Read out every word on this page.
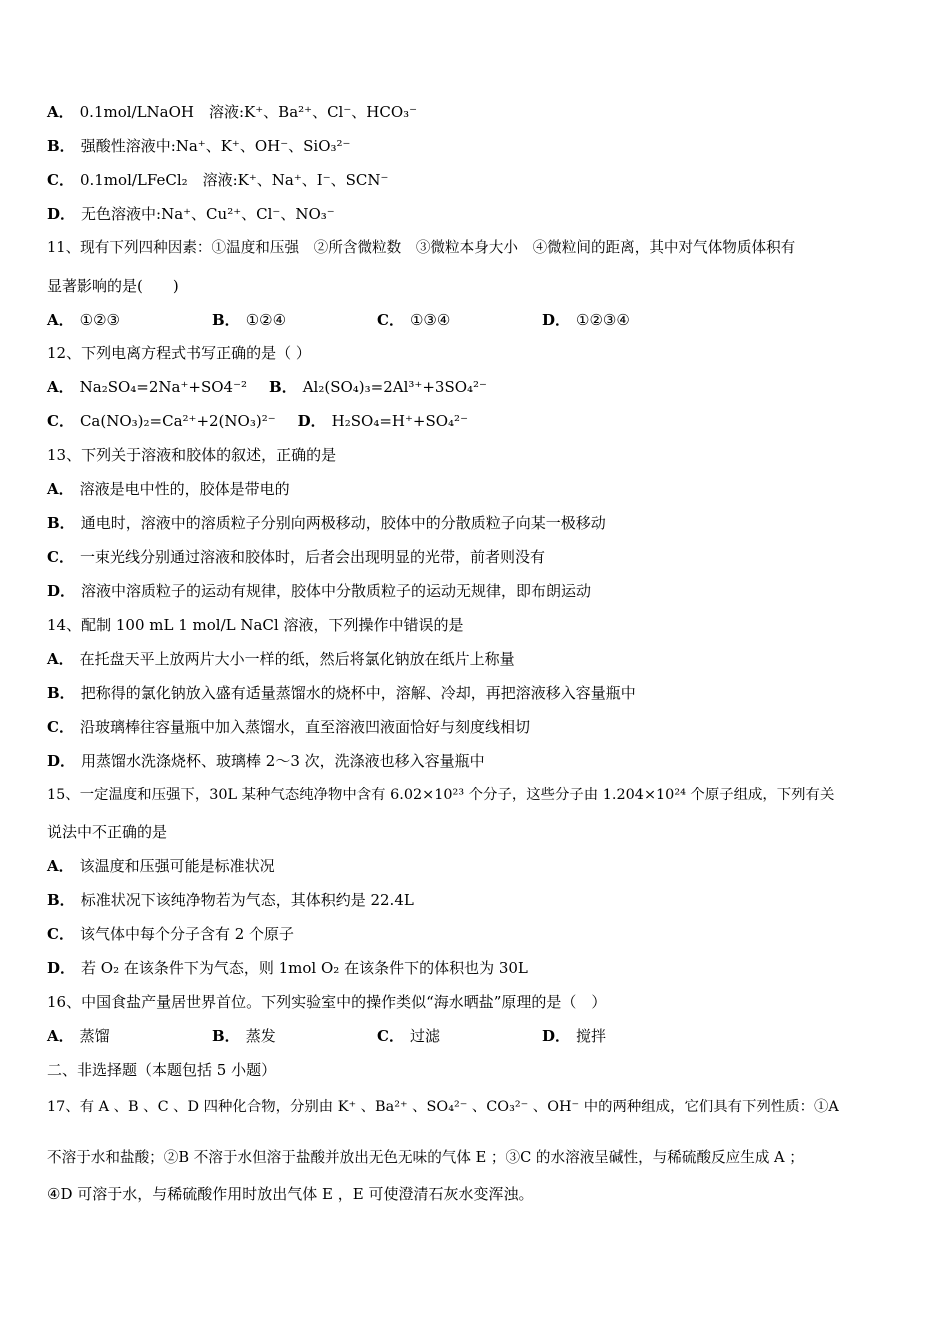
A． 0.1mol/LNaOH　溶液:K⁺、Ba²⁺、Cl⁻、HCO₃⁻
B． 强酸性溶液中:Na⁺、K⁺、OH⁻、SiO₃²⁻
C． 0.1mol/LFeCl₂　溶液:K⁺、Na⁺、I⁻、SCN⁻
D． 无色溶液中:Na⁺、Cu²⁺、Cl⁻、NO₃⁻
11、现有下列四种因素：①温度和压强　②所含微粒数　③微粒本身大小　④微粒间的距离，其中对气体物质体积有
显著影响的是(　　)
A． ①②③	B． ①②④	C． ①③④	D． ①②③④
12、下列电离方程式书写正确的是（ ）
A． Na₂SO₄=2Na⁺+SO4⁻² B． Al₂(SO₄)₃=2Al³⁺+3SO₄²⁻
C． Ca(NO₃)₂=Ca²⁺+2(NO₃)²⁻ D． H₂SO₄=H⁺+SO₄²⁻
13、下列关于溶液和胶体的叙述，正确的是
A． 溶液是电中性的，胶体是带电的
B． 通电时，溶液中的溶质粒子分别向两极移动，胶体中的分散质粒子向某一极移动
C． 一束光线分别通过溶液和胶体时，后者会出现明显的光带，前者则没有
D． 溶液中溶质粒子的运动有规律，胶体中分散质粒子的运动无规律，即布朗运动
14、配制 100 mL 1 mol/L NaCl 溶液，下列操作中错误的是
A． 在托盘天平上放两片大小一样的纸，然后将氯化钠放在纸片上称量
B． 把称得的氯化钠放入盛有适量蒸馏水的烧杯中，溶解、冷却，再把溶液移入容量瓶中
C． 沿玻璃棒往容量瓶中加入蒸馏水，直至溶液凹液面恰好与刻度线相切
D． 用蒸馏水洗涤烧杯、玻璃棒 2～3 次，洗涤液也移入容量瓶中
15、一定温度和压强下，30L 某种气态纯净物中含有 6.02×10²³ 个分子，这些分子由 1.204×10²⁴ 个原子组成，下列有关
说法中不正确的是
A． 该温度和压强可能是标准状况
B． 标准状况下该纯净物若为气态，其体积约是 22.4L
C． 该气体中每个分子含有 2 个原子
D． 若 O₂ 在该条件下为气态，则 1mol O₂ 在该条件下的体积也为 30L
16、中国食盐产量居世界首位。下列实验室中的操作类似“海水晒盐”原理的是（　）
A． 蒸馏	B． 蒸发	C． 过滤	D． 搅拌
二、非选择题（本题包括 5 小题）
17、有 A 、B 、C 、D 四种化合物，分别由 K⁺ 、Ba²⁺ 、SO₄²⁻ 、CO₃²⁻ 、OH⁻ 中的两种组成，它们具有下列性质：①A
不溶于水和盐酸；②B 不溶于水但溶于盐酸并放出无色无味的气体 E ；③C 的水溶液呈碱性，与稀硫酸反应生成 A ；
④D 可溶于水，与稀硫酸作用时放出气体 E ，E 可使澄清石灰水变浑浊。
